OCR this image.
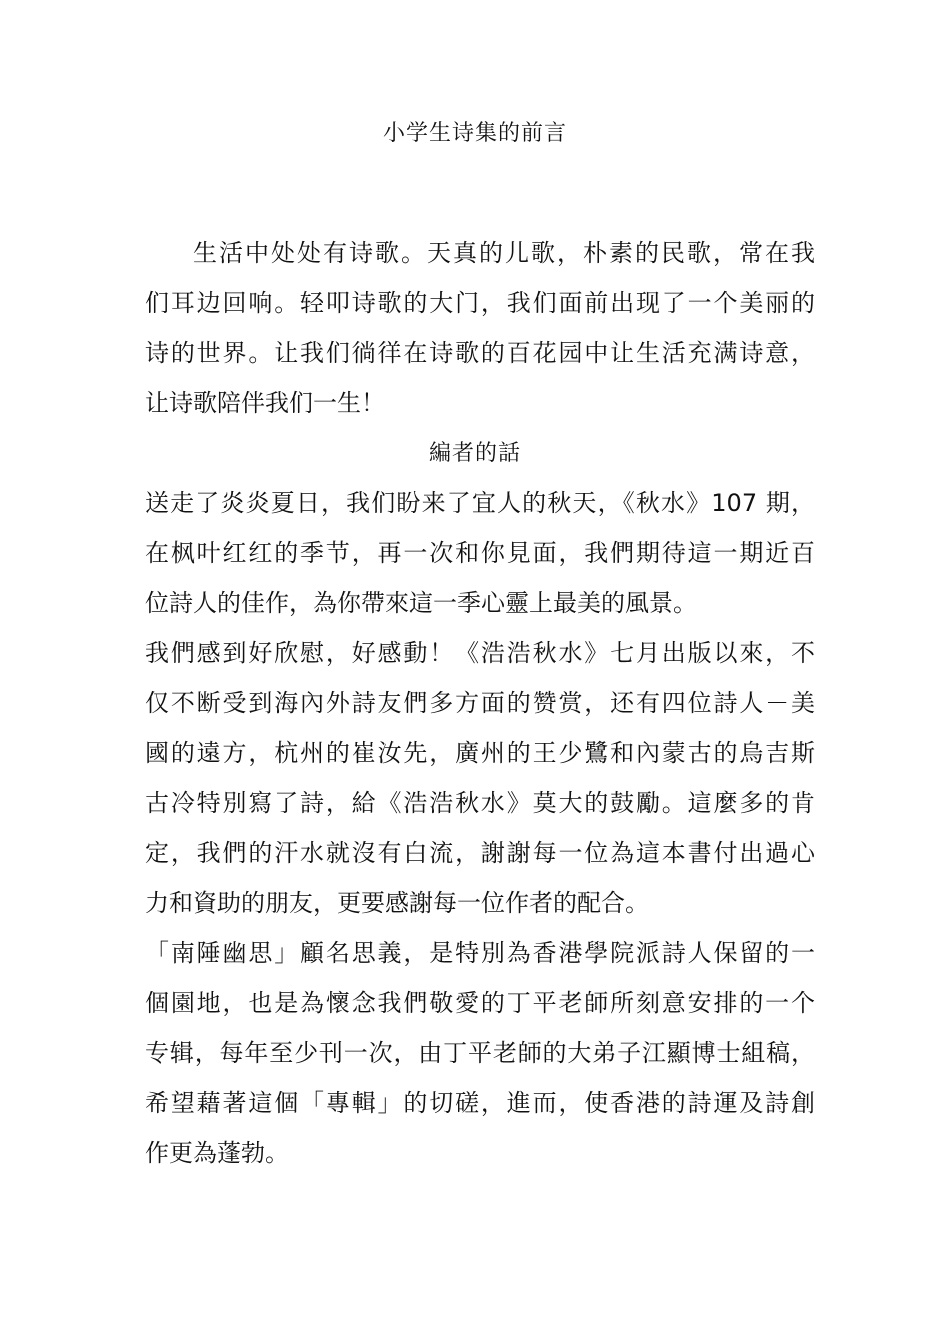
小学生诗集的前言
生活中处处有诗歌。天真的儿歌，朴素的民歌，常在我
们耳边回响。轻叩诗歌的大门，我们面前出现了一个美丽的
诗的世界。让我们徜徉在诗歌的百花园中让生活充满诗意，
让诗歌陪伴我们一生！
編者的話
送走了炎炎夏日，我们盼来了宜人的秋天，《秋水》107 期，
在枫叶红红的季节，再一次和你見面，我們期待這一期近百
位詩人的佳作，為你帶來這一季心靈上最美的風景。
我們感到好欣慰，好感動！《浩浩秋水》七月出版以來，不
仅不断受到海內外詩友們多方面的赞赏，还有四位詩人－美
國的遠方，杭州的崔汝先，廣州的王少鷺和內蒙古的烏吉斯
古冷特別寫了詩，給《浩浩秋水》莫大的鼓勵。這麼多的肯
定，我們的汗水就沒有白流，謝謝每一位為這本書付出過心
力和資助的朋友，更要感謝每一位作者的配合。
「南陲幽思」顧名思義，是特別為香港學院派詩人保留的一
個園地，也是為懷念我們敬愛的丁平老師所刻意安排的一个
专辑，每年至少刊一次，由丁平老師的大弟子江顯博士組稿，
希望藉著這個「專輯」的切磋，進而，使香港的詩運及詩創
作更為蓬勃。
